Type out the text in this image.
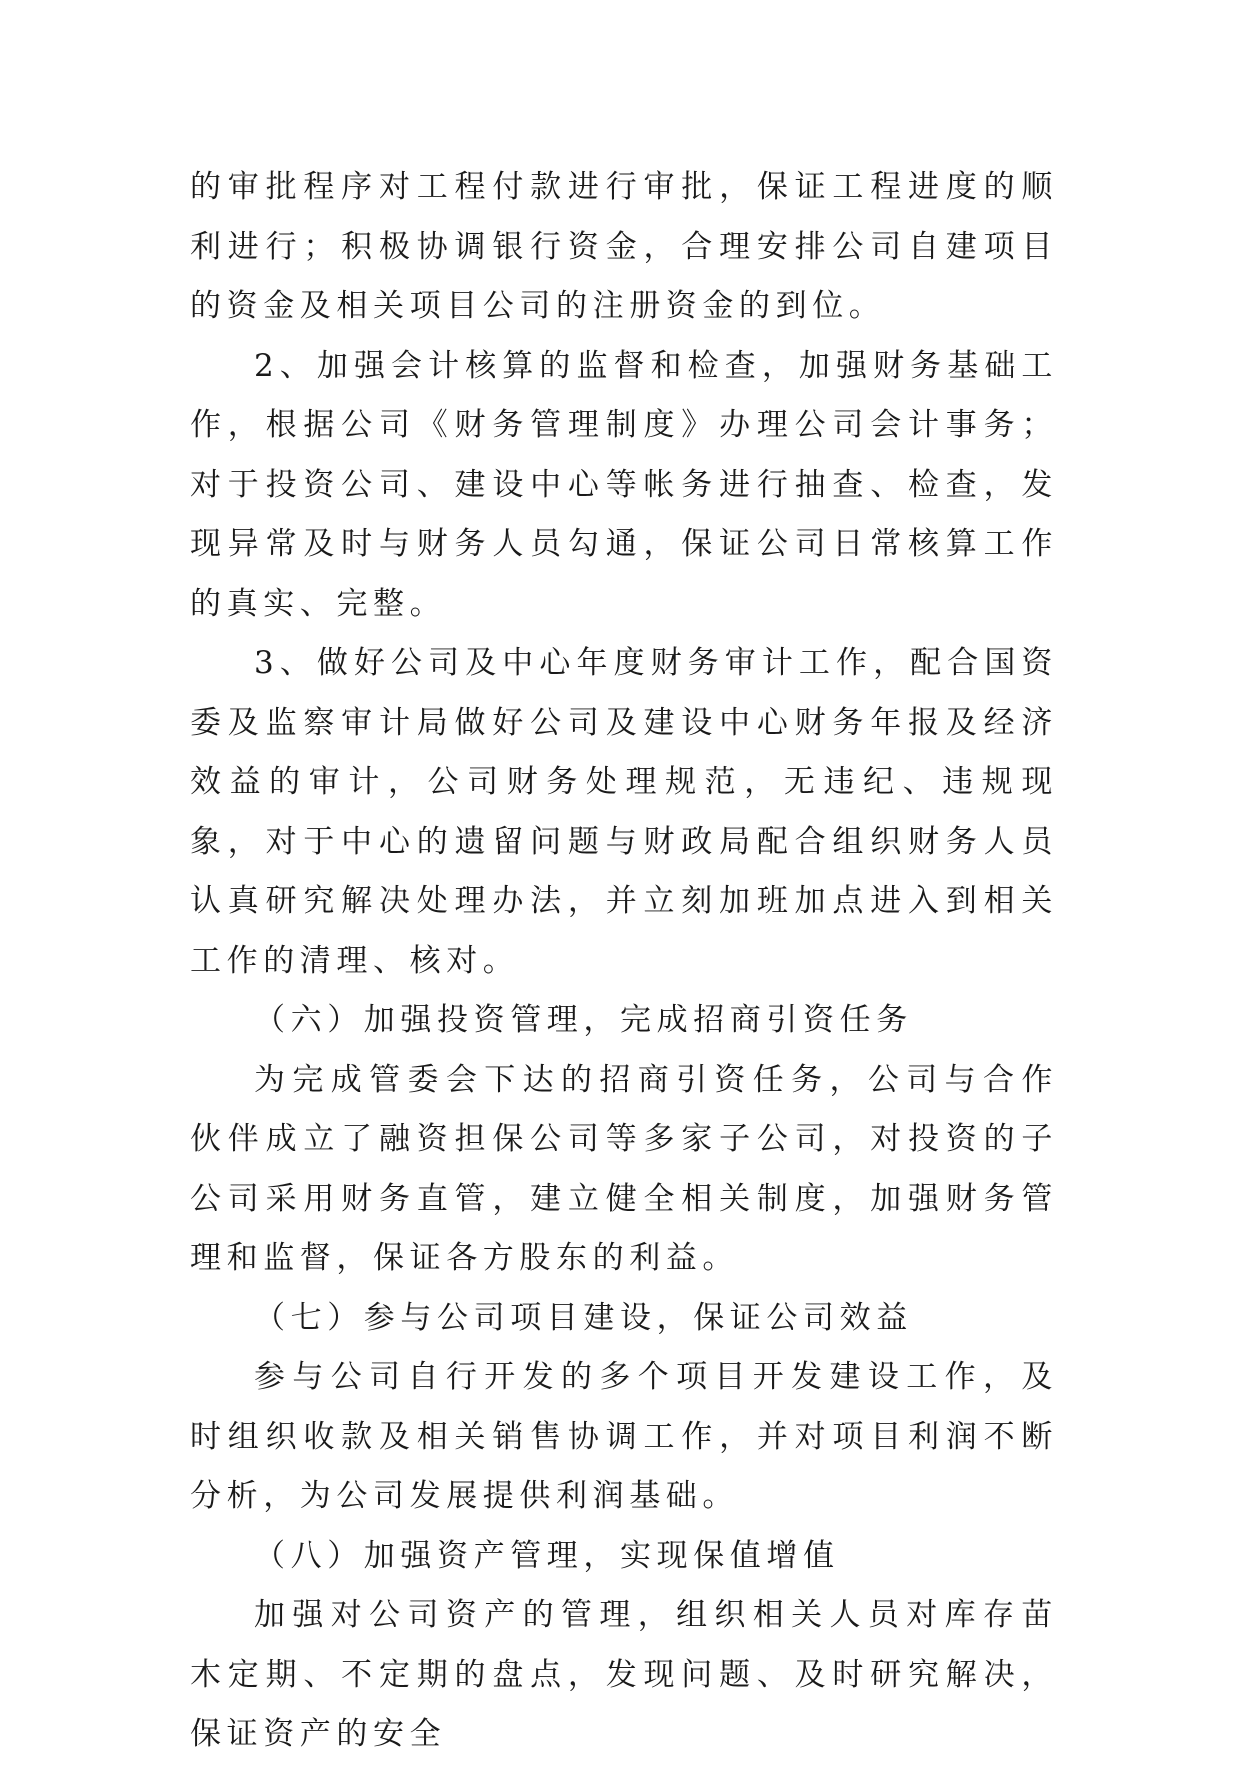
的审批程序对工程付款进行审批，保证工程进度的顺利进行；积极协调银行资金，合理安排公司自建项目的资金及相关项目公司的注册资金的到位。

2、加强会计核算的监督和检查，加强财务基础工作，根据公司《财务管理制度》办理公司会计事务；对于投资公司、建设中心等帐务进行抽查、检查，发现异常及时与财务人员勾通，保证公司日常核算工作的真实、完整。

3、做好公司及中心年度财务审计工作，配合国资委及监察审计局做好公司及建设中心财务年报及经济效益的审计，公司财务处理规范，无违纪、违规现象，对于中心的遗留问题与财政局配合组织财务人员认真研究解决处理办法，并立刻加班加点进入到相关工作的清理、核对。

（六）加强投资管理，完成招商引资任务

为完成管委会下达的招商引资任务，公司与合作伙伴成立了融资担保公司等多家子公司，对投资的子公司采用财务直管，建立健全相关制度，加强财务管理和监督，保证各方股东的利益。

（七）参与公司项目建设，保证公司效益

参与公司自行开发的多个项目开发建设工作，及时组织收款及相关销售协调工作，并对项目利润不断分析，为公司发展提供利润基础。

（八）加强资产管理，实现保值增值

加强对公司资产的管理，组织相关人员对库存苗木定期、不定期的盘点，发现问题、及时研究解决，保证资产的安全
